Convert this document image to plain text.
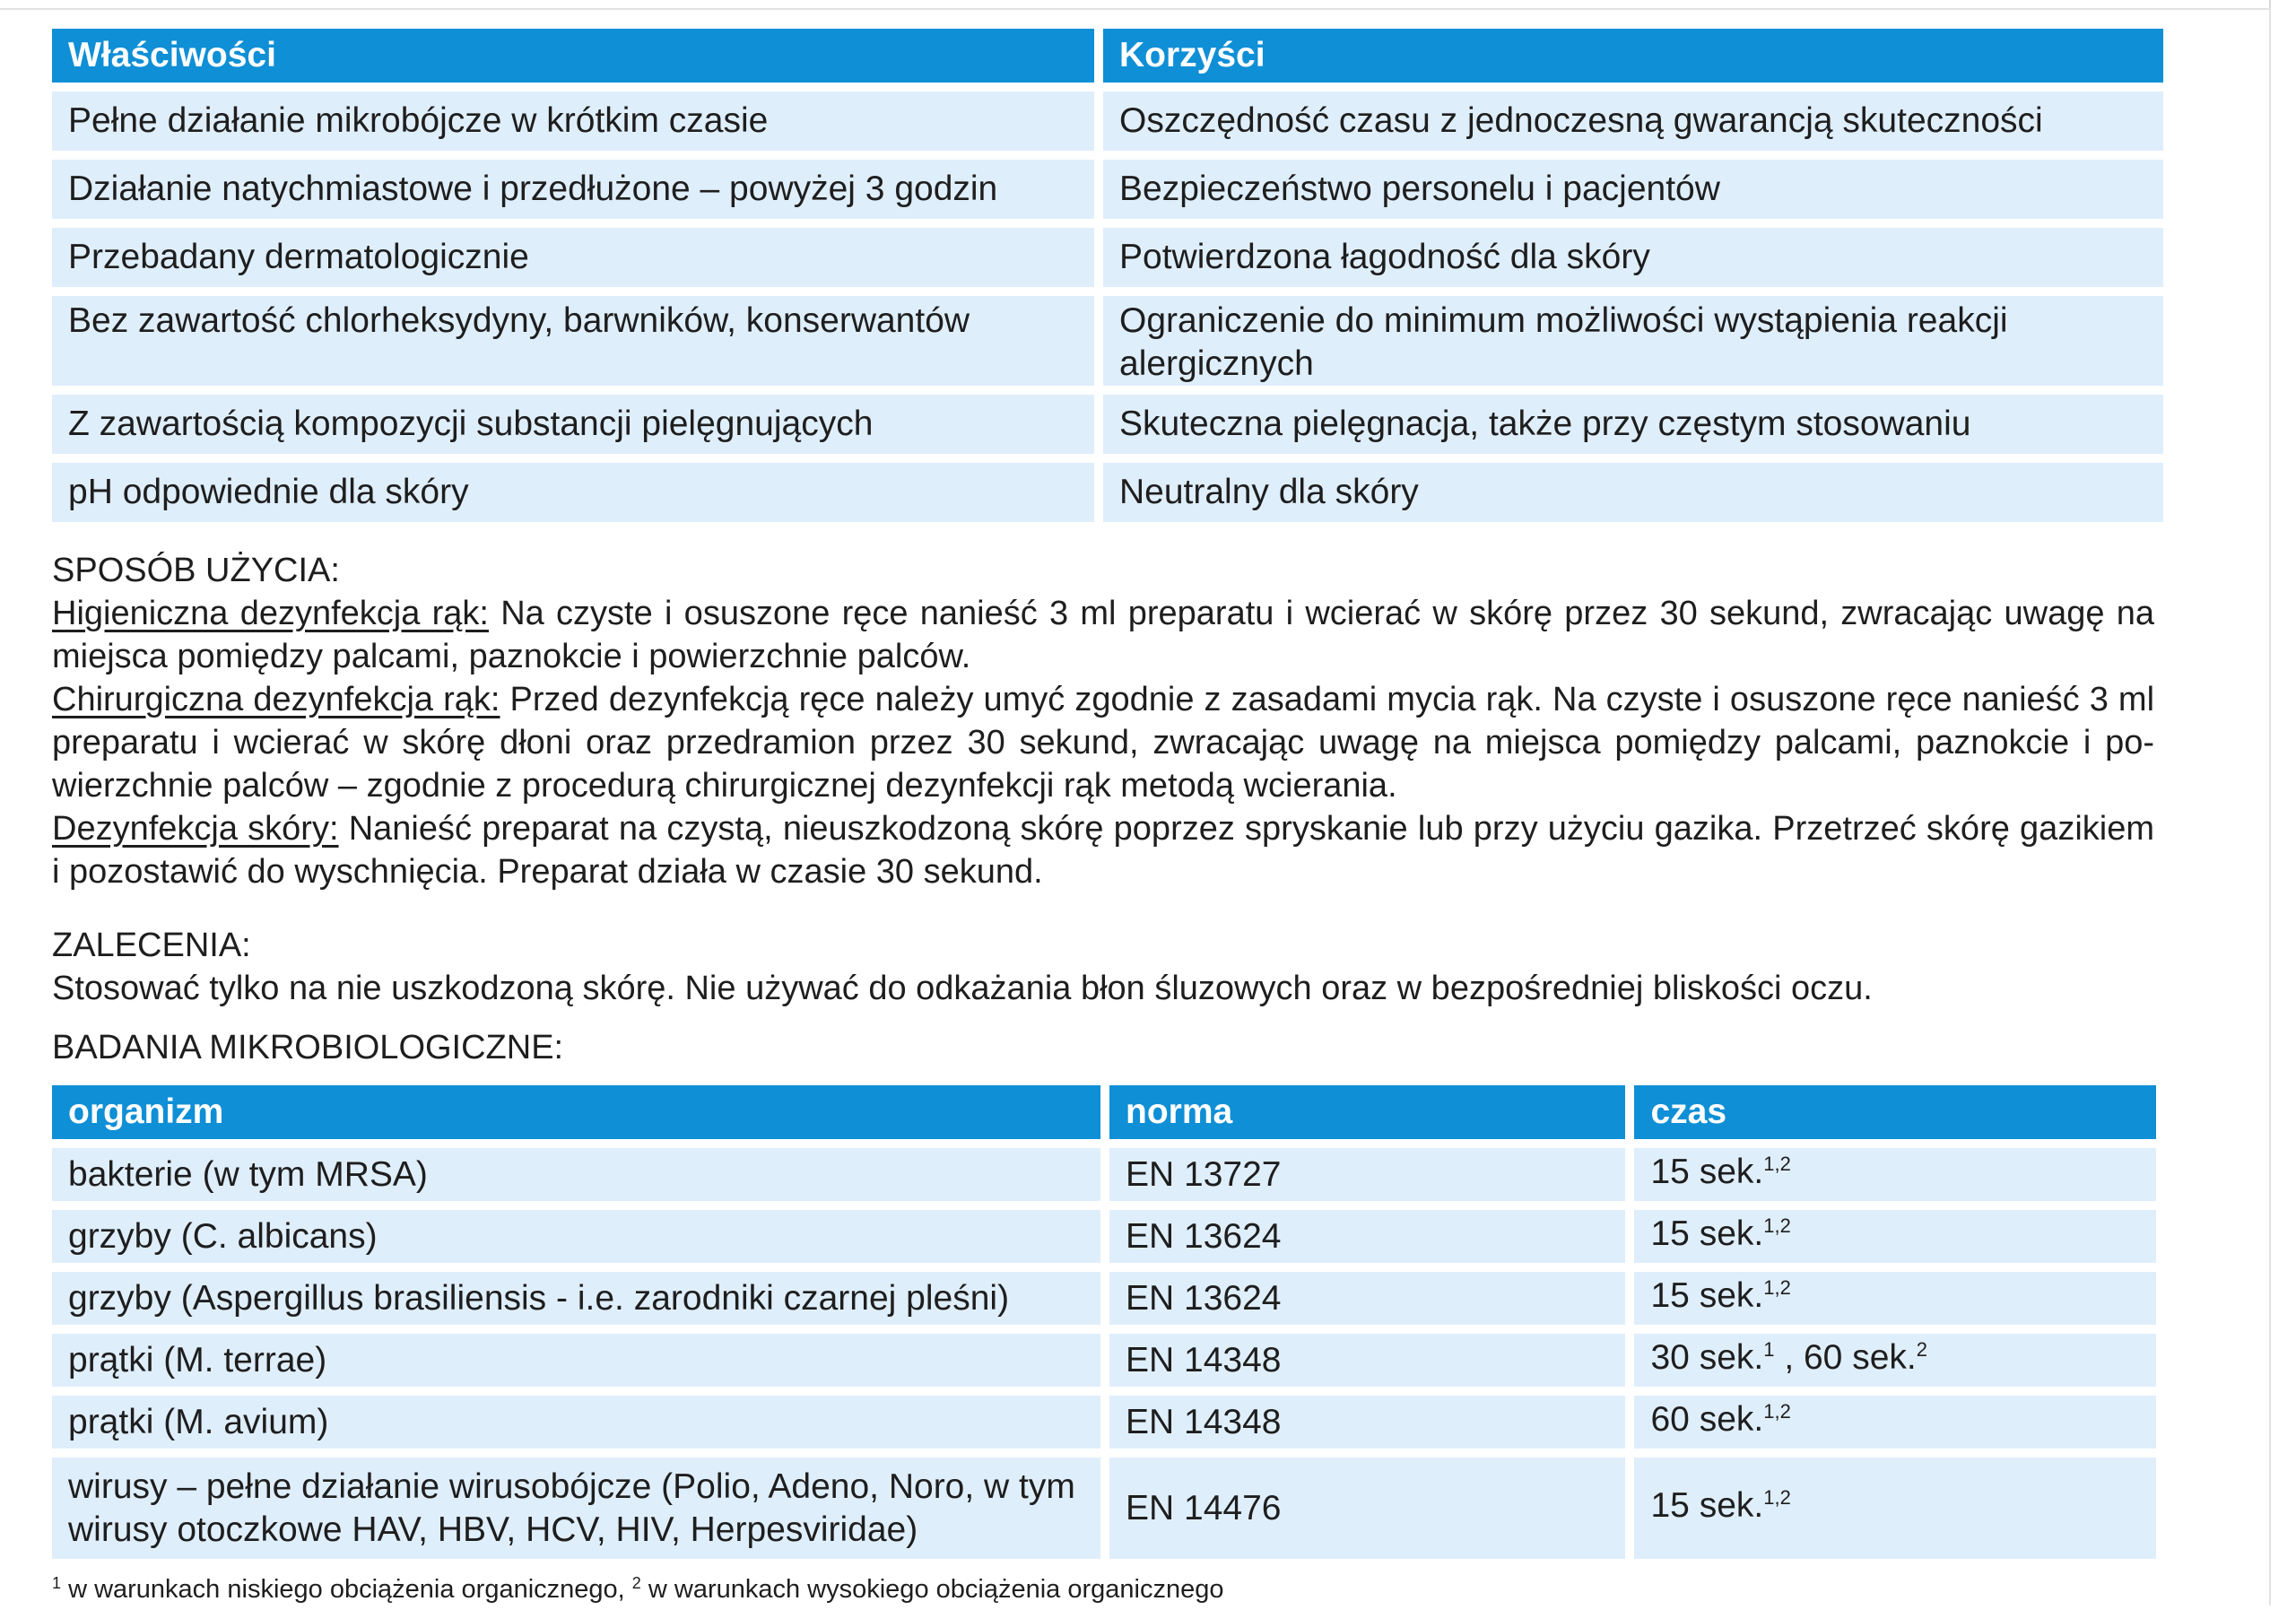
Właściwości	Korzyści
Pełne działanie mikrobójcze w krótkim czasie	Oszczędność czasu z jednoczesną gwarancją skuteczności
Działanie natychmiastowe i przedłużone – powyżej 3 godzin	Bezpieczeństwo personelu i pacjentów
Przebadany dermatologicznie	Potwierdzona łagodność dla skóry

Bez zawartość chlorheksydyny, barwników, konserwantów	Ograniczenie do minimum możliwości wystąpienia reakcji alergicznych

Z zawartością kompozycji substancji pielęgnujących	Skuteczna pielęgnacja, także przy częstym stosowaniu
pH odpowiednie dla skóry	Neutralny dla skóry

SPOSÓB UŻYCIA:

Higieniczna dezynfekcja rąk: Na czyste i osuszone ręce nanieść 3 ml preparatu i wcierać w skórę przez 30 sekund, zwracając uwagę na miejsca pomiędzy palcami, paznokcie i powierzchnie palców.

Chirurgiczna dezynfekcja rąk: Przed dezynfekcją ręce należy umyć zgodnie z zasadami mycia rąk. Na czyste i osuszone ręce nanieść 3 ml preparatu i wcierać w skórę dłoni oraz przedramion przez 30 sekund, zwracając uwagę na miejsca pomiędzy palcami, paznokcie i powierzchnie palców – zgodnie z procedurą chirurgicznej dezynfekcji rąk metodą wcierania.

Dezynfekcja skóry: Nanieść preparat na czystą, nieuszkodzoną skórę poprzez spryskanie lub przy użyciu gazika. Przetrzeć skórę gazikiem i pozostawić do wyschnięcia. Preparat działa w czasie 30 sekund.

ZALECENIA:

Stosować tylko na nie uszkodzoną skórę. Nie używać do odkażania błon śluzowych oraz w bezpośredniej bliskości oczu.

BADANIA MIKROBIOLOGICZNE:

organizm	norma	czas
bakterie (w tym MRSA)	EN 13727	15 sek.$^{1,2}$
grzyby (C. albicans)	EN 13624	15 sek.$^{1,2}$
grzyby (Aspergillus brasiliensis - i.e. zarodniki czarnej pleśni)	EN 13624	15 sek.$^{1,2}$
prątki (M. terrae)	EN 14348	30 sek.$^1$ , 60 sek.$^2$
prątki (M. avium)	EN 14348	60 sek.$^{1,2}$
wirusy – pełne działanie wirusobójcze (Polio, Adeno, Noro, w tym wirusy otoczkowe HAV, HBV, HCV, HIV, Herpesviridae)	EN 14476	15 sek.$^{1,2}$
$^1$ w warunkach niskiego obciążenia organicznego, $^2$ w warunkach wysokiego obciążenia organicznego
